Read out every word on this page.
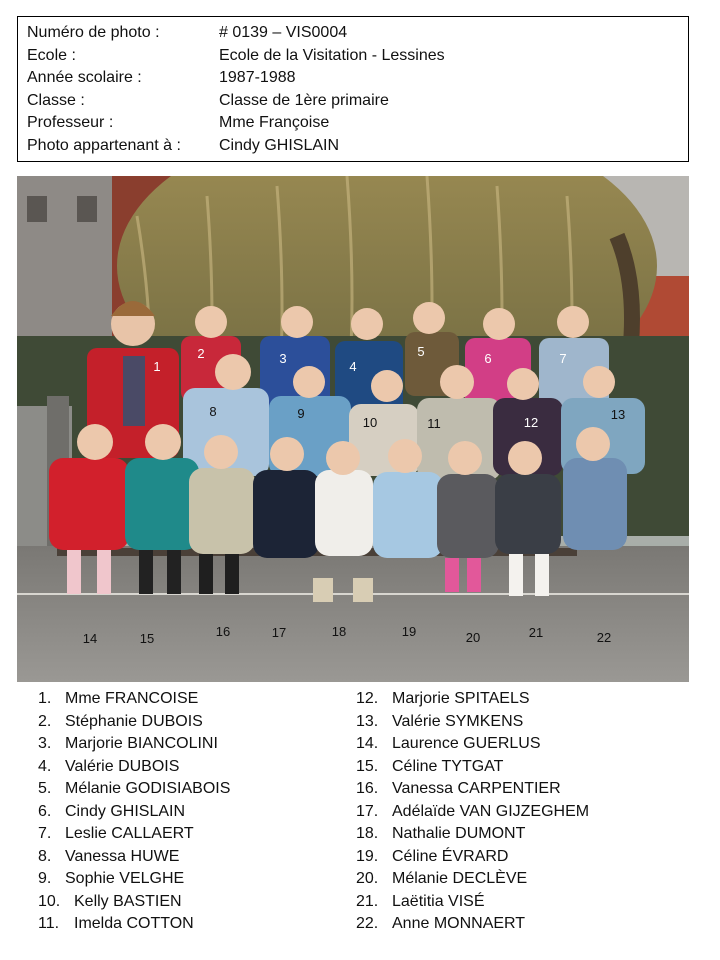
Numéro de photo :	# 0139 – VIS0004
Ecole :	Ecole de la Visitation - Lessines
Année scolaire :	1987-1988
Classe :	Classe de 1ère primaire
Professeur :	Mme Françoise
Photo appartenant à :	Cindy GHISLAIN
1
2	3
4
5	6	7
8	9
10	11	12
13
14	15	16	17	18	19	20	21	22
1. Mme FRANCOISE
2. Stéphanie DUBOIS
3. Marjorie BIANCOLINI
4. Valérie DUBOIS
5. Mélanie GODISIABOIS
6. Cindy GHISLAIN
7. Leslie CALLAERT
8. Vanessa HUWE
9. Sophie VELGHE
10. Kelly BASTIEN
11. Imelda COTTON
12. Marjorie SPITAELS
13. Valérie SYMKENS
14. Laurence GUERLUS
15. Céline TYTGAT
16. Vanessa CARPENTIER
17. Adélaïde VAN GIJZEGHEM
18. Nathalie DUMONT
19. Céline ÉVRARD
20. Mélanie DECLÈVE
21. Laëtitia VISÉ
22. Anne MONNAERT
